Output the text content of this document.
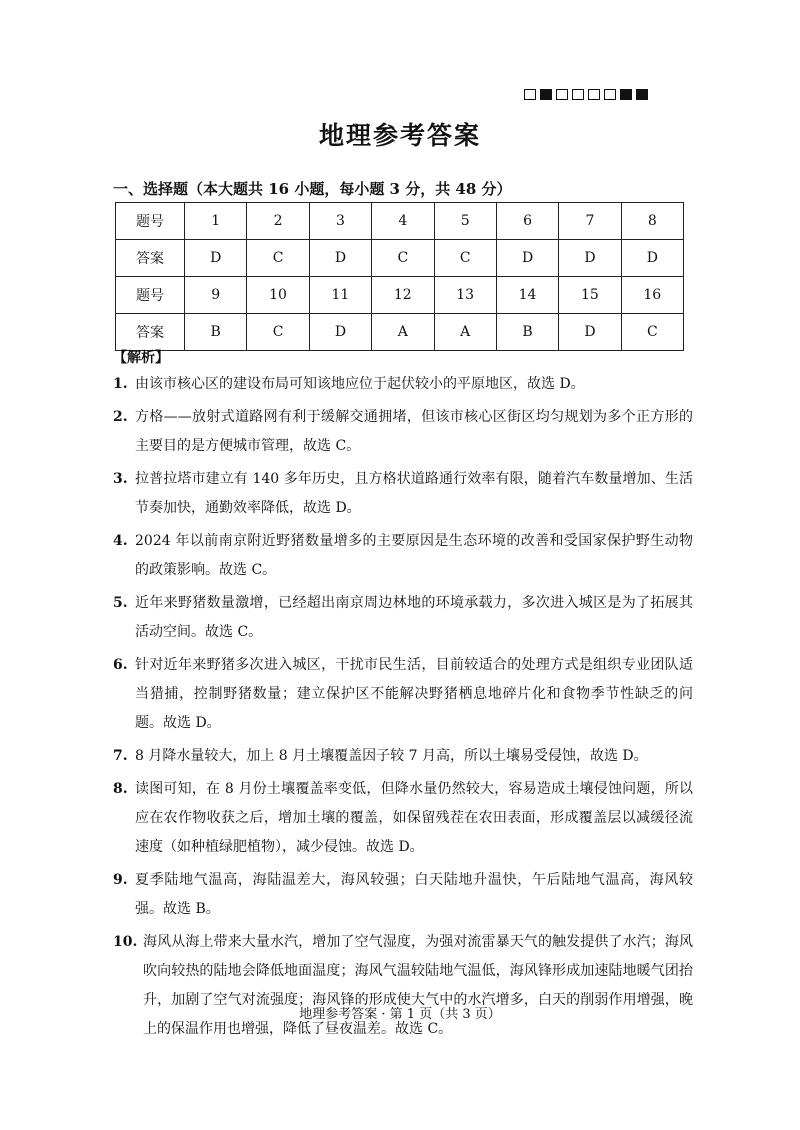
地理参考答案
一、选择题（本大题共 16 小题，每小题 3 分，共 48 分）
题号	1	2	3	4	5	6	7	8
答案	D	C	D	C	C	D	D	D
题号	9	10	11	12	13	14	15	16
答案	B	C	D	A	A	B	D	C
【解析】
1. 由该市核心区的建设布局可知该地应位于起伏较小的平原地区，故选 D。
2. 方格——放射式道路网有利于缓解交通拥堵，但该市核心区街区均匀规划为多个正方形的主要目的是方便城市管理，故选 C。
3. 拉普拉塔市建立有 140 多年历史，且方格状道路通行效率有限，随着汽车数量增加、生活节奏加快，通勤效率降低，故选 D。
4. 2024 年以前南京附近野猪数量增多的主要原因是生态环境的改善和受国家保护野生动物的政策影响。故选 C。
5. 近年来野猪数量激增，已经超出南京周边林地的环境承载力，多次进入城区是为了拓展其活动空间。故选 C。
6. 针对近年来野猪多次进入城区，干扰市民生活，目前较适合的处理方式是组织专业团队适当猎捕，控制野猪数量；建立保护区不能解决野猪栖息地碎片化和食物季节性缺乏的问题。故选 D。
7. 8 月降水量较大，加上 8 月土壤覆盖因子较 7 月高，所以土壤易受侵蚀，故选 D。
8. 读图可知，在 8 月份土壤覆盖率变低，但降水量仍然较大，容易造成土壤侵蚀问题，所以应在农作物收获之后，增加土壤的覆盖，如保留残茬在农田表面，形成覆盖层以减缓径流速度（如种植绿肥植物），减少侵蚀。故选 D。
9. 夏季陆地气温高，海陆温差大，海风较强；白天陆地升温快，午后陆地气温高，海风较强。故选 B。
10. 海风从海上带来大量水汽，增加了空气湿度，为强对流雷暴天气的触发提供了水汽；海风吹向较热的陆地会降低地面温度；海风气温较陆地气温低，海风锋形成加速陆地暖气团抬升，加剧了空气对流强度；海风锋的形成使大气中的水汽增多，白天的削弱作用增强，晚上的保温作用也增强，降低了昼夜温差。故选 C。
地理参考答案 · 第 1 页（共 3 页）
